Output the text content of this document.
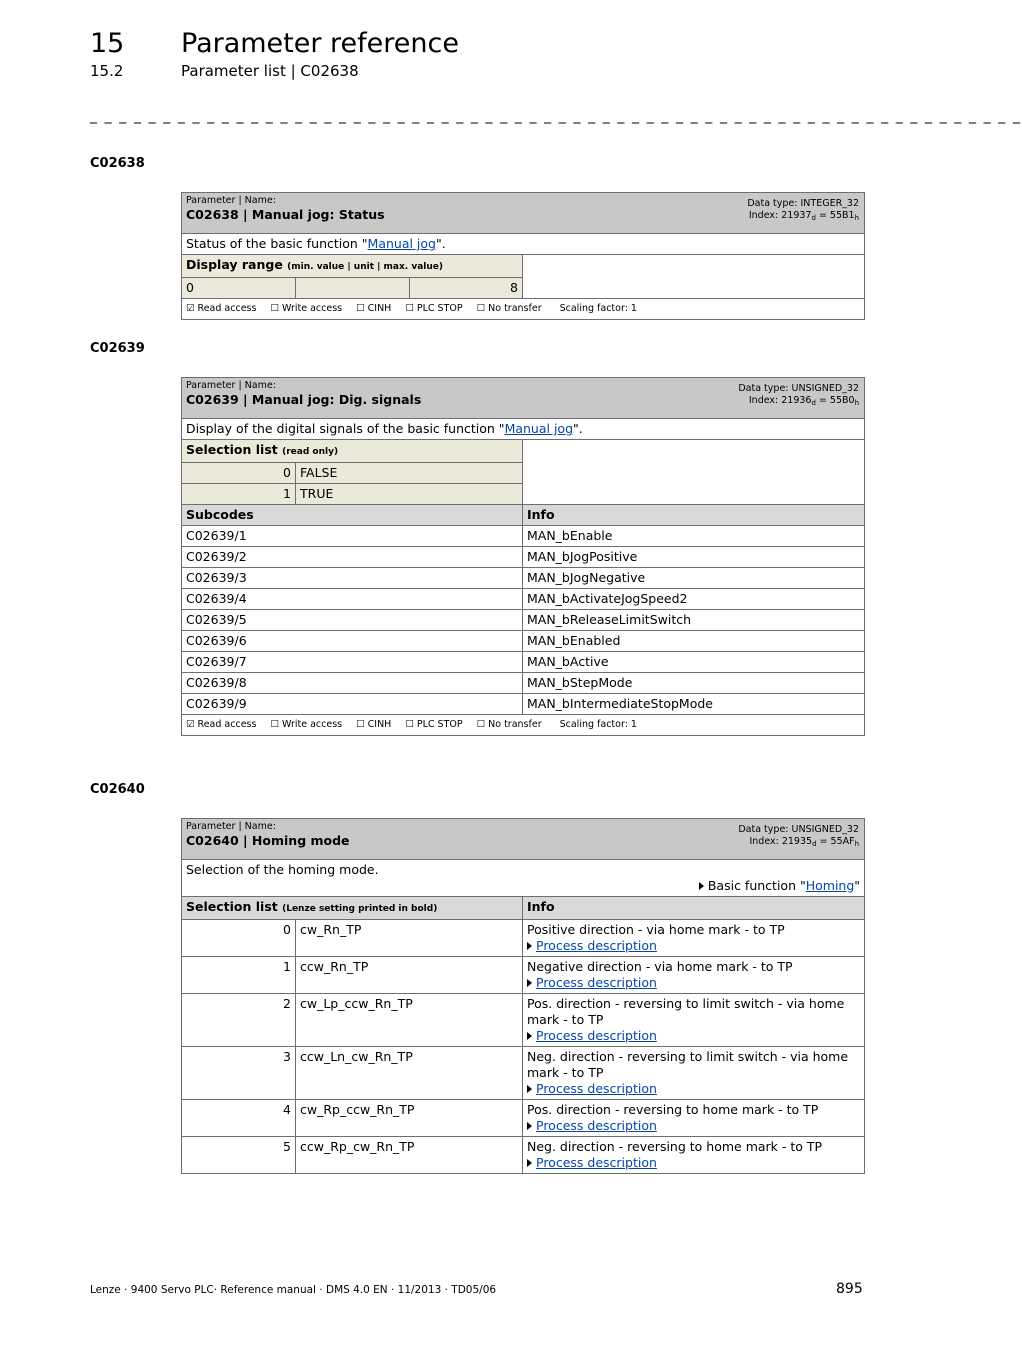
15 Parameter reference
15.2	Parameter list | C02638
_ _ _ _ _ _ _ _ _ _ _ _ _ _ _ _ _ _ _ _ _ _ _ _ _ _ _ _ _ _ _ _ _ _ _ _ _ _ _ _ _ _ _ _ _ _ _ _ _ _ _ _ _ _ _ _ _ _ _ _ _ _ _ _
C02638
Parameter | Name:
C02638 | Manual jog: Status
Data type: INTEGER_32
Index: $21937_d = 55B1_h$

Status of the basic function "Manual jog".			
Display range (min. value | unit | max. value)			
0		8	
☑ Read access ☐ Write access ☐ CINH ☐ PLC STOP ☐ No transfer Scaling factor: 1			
C02639
Parameter | Name:
C02639 | Manual jog: Dig. signals
Data type: UNSIGNED_32
Index: $21936_d = 55B0_h$

Display of the digital signals of the basic function "Manual jog".		
Selection list (read only)		
0	FALSE	
1	TRUE	
Subcodes		Info
C02639/1		MAN_bEnable
C02639/2		MAN_bJogPositive
C02639/3		MAN_bJogNegative
C02639/4		MAN_bActivateJogSpeed2
C02639/5		MAN_bReleaseLimitSwitch
C02639/6		MAN_bEnabled
C02639/7		MAN_bActive
C02639/8		MAN_bStepMode
C02639/9		MAN_bIntermediateStopMode
☑ Read access ☐ Write access ☐ CINH ☐ PLC STOP ☐ No transfer Scaling factor: 1		
C02640
Parameter | Name:
C02640 | Homing mode
Data type: UNSIGNED_32
Index: $21935_d = 55AF_h$

Selection of the homing mode.
Basic function "Homing"		

Selection list (Lenze setting printed in bold)		Info
0	cw_Rn_TP	Positive direction - via home mark - to TP
Process description

1	ccw_Rn_TP	Negative direction - via home mark - to TP
Process description

2	cw_Lp_ccw_Rn_TP	Pos. direction - reversing to limit switch - via home mark - to TP
Process description

3	ccw_Ln_cw_Rn_TP	Neg. direction - reversing to limit switch - via home mark - to TP
Process description

4	cw_Rp_ccw_Rn_TP	Pos. direction - reversing to home mark - to TP
Process description

5	ccw_Rp_cw_Rn_TP	Neg. direction - reversing to home mark - to TP
Process description
Lenze · 9400 Servo PLC· Reference manual · DMS 4.0 EN · 11/2013 · TD05/06	895
